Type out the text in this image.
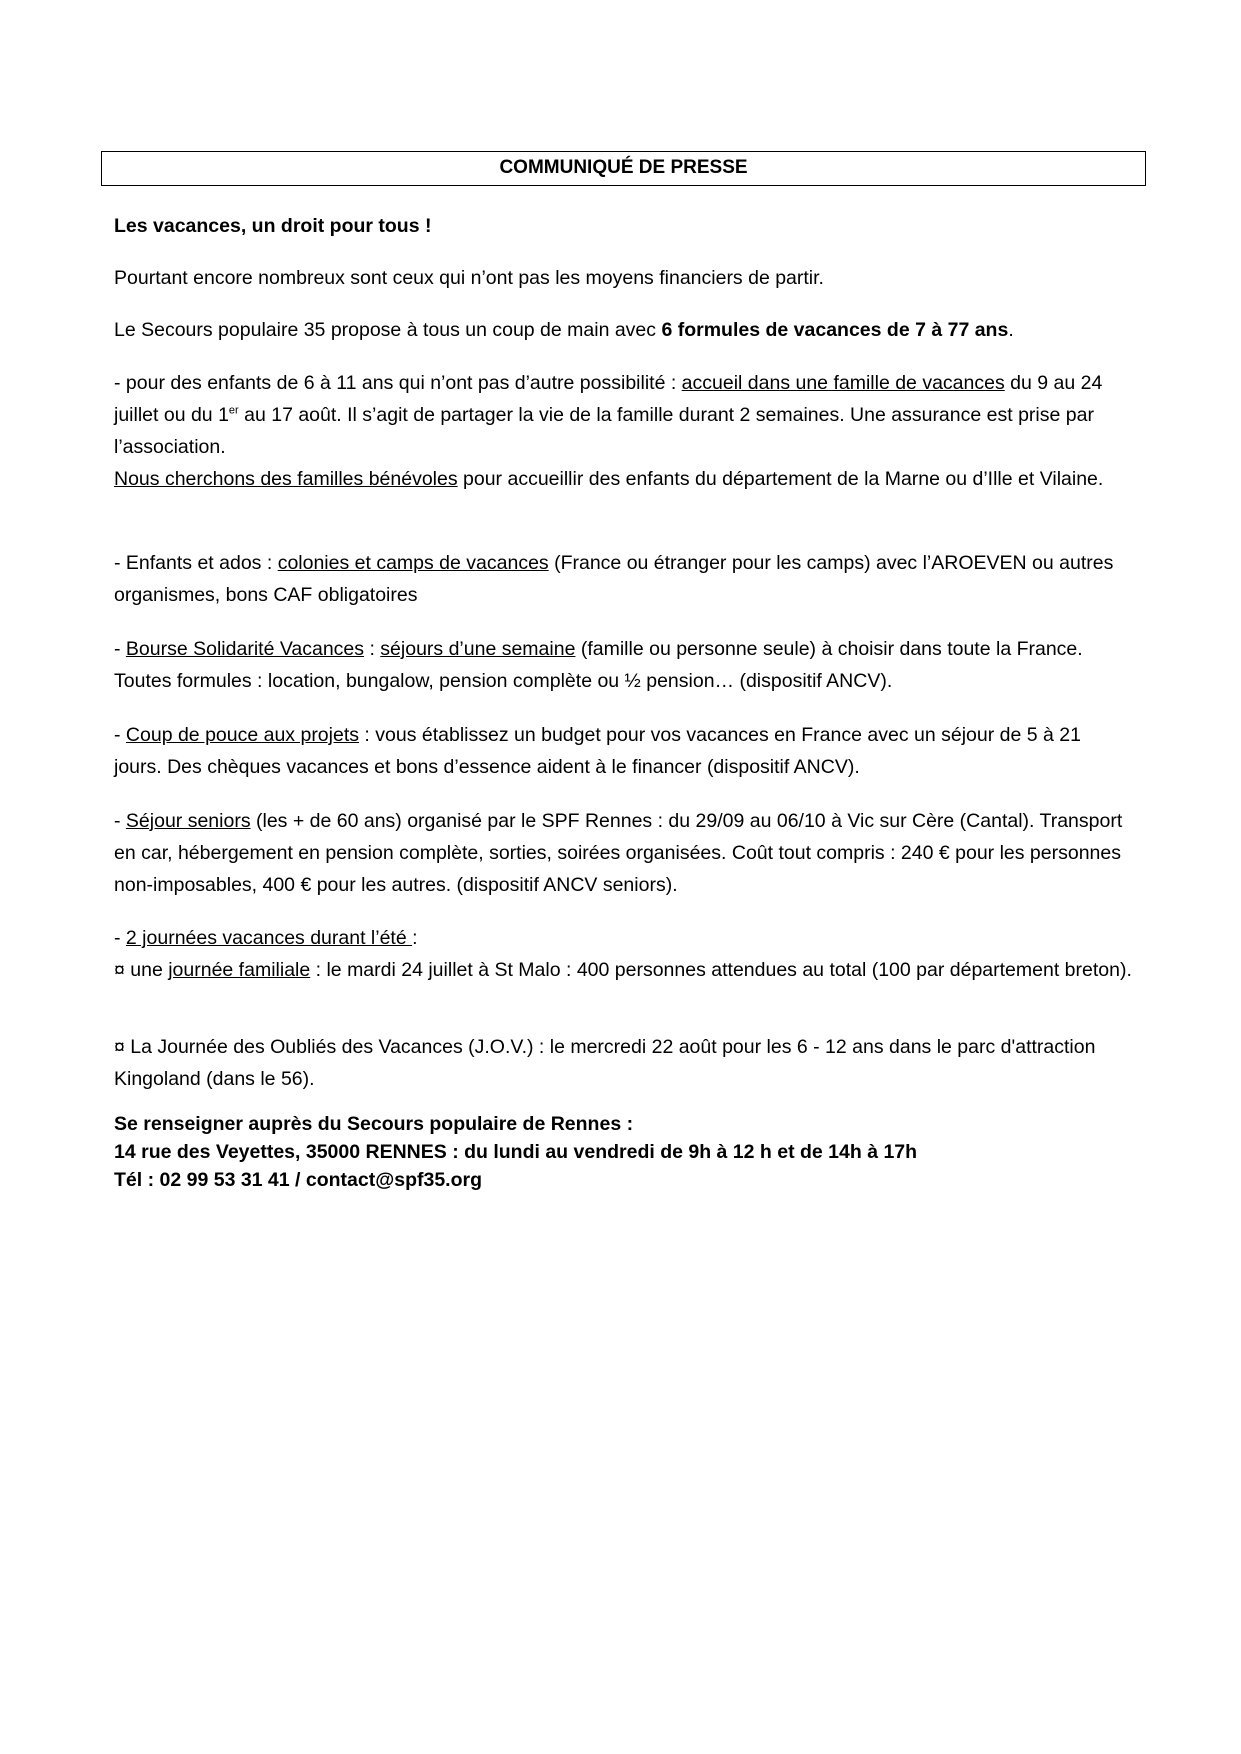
COMMUNIQUÉ DE PRESSE

Les vacances, un droit pour tous !

Pourtant encore nombreux sont ceux qui n’ont pas les moyens financiers de partir.

Le Secours populaire 35 propose à tous un coup de main avec 6 formules de vacances de 7 à 77 ans.

- pour des enfants de 6 à 11 ans qui n’ont pas d’autre possibilité : accueil dans une famille de vacances du 9 au 24 juillet ou du 1er au 17 août. Il s’agit de partager la vie de la famille durant 2 semaines. Une assurance est prise par l’association.
Nous cherchons des familles bénévoles pour accueillir des enfants du département de la Marne ou d’Ille et Vilaine.

- Enfants et ados : colonies et camps de vacances (France ou étranger pour les camps) avec l’AROEVEN ou autres organismes, bons CAF obligatoires

- Bourse Solidarité Vacances : séjours d’une semaine (famille ou personne seule) à choisir dans toute la France. Toutes formules : location, bungalow, pension complète ou ½ pension… (dispositif ANCV).

- Coup de pouce aux projets : vous établissez un budget pour vos vacances en France avec un séjour de 5 à 21 jours. Des chèques vacances et bons d’essence aident à le financer (dispositif ANCV).

- Séjour seniors (les + de 60 ans) organisé par le SPF Rennes : du 29/09 au 06/10 à Vic sur Cère (Cantal). Transport en car, hébergement en pension complète, sorties, soirées organisées. Coût tout compris : 240 € pour les personnes non-imposables, 400 € pour les autres. (dispositif ANCV seniors).

- 2 journées vacances durant l’été :
¤ une journée familiale : le mardi 24 juillet à St Malo : 400 personnes attendues au total (100 par département breton).

¤ La Journée des Oubliés des Vacances (J.O.V.) : le mercredi 22 août pour les 6 - 12 ans dans le parc d'attraction Kingoland (dans le 56).

Se renseigner auprès du Secours populaire de Rennes :
14 rue des Veyettes, 35000 RENNES : du lundi au vendredi de 9h à 12 h et de 14h à 17h
Tél : 02 99 53 31 41 / contact@spf35.org
